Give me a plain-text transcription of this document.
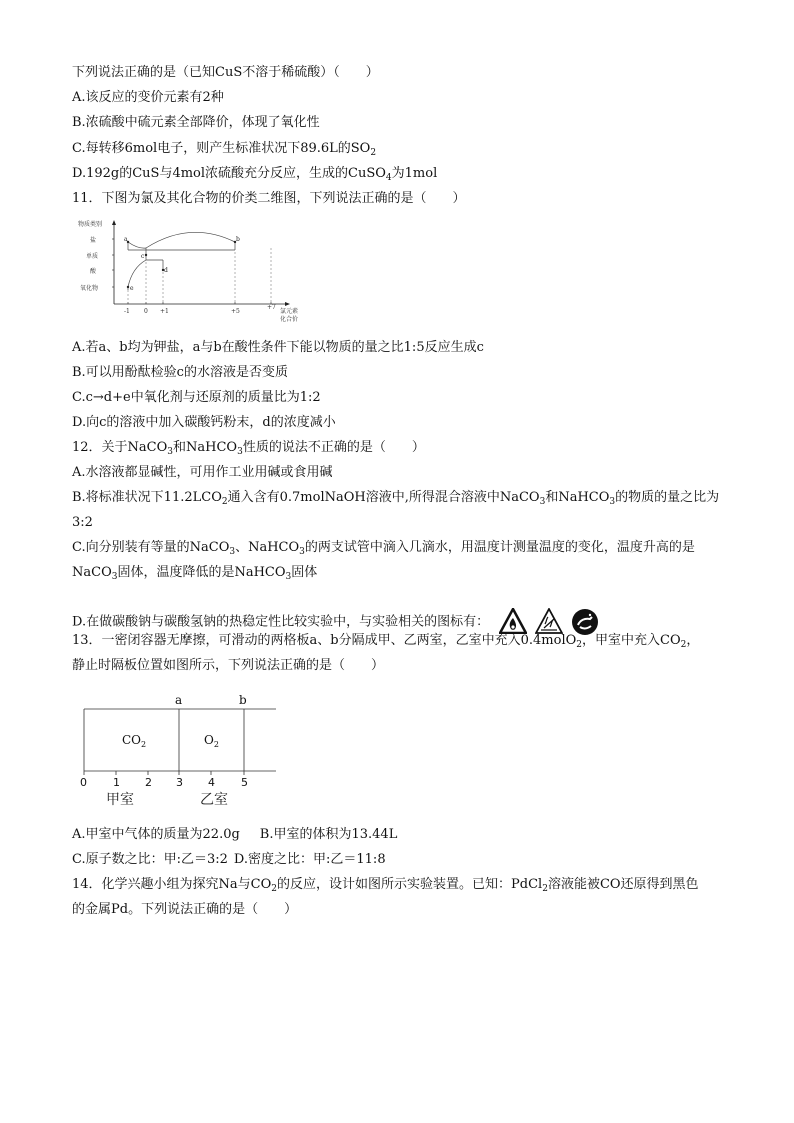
下列说法正确的是（已知CuS不溶于稀硫酸）（　　）
A.该反应的变价元素有2种
B.浓硫酸中硫元素全部降价，体现了氧化性
C.每转移6mol电子，则产生标准状况下89.6L的$SO_2$
D.192g的CuS与4mol浓硫酸充分反应，生成的CuSO$_4$为1mol
11．下图为氯及其化合物的价类二维图，下列说法正确的是（　　）
物质类别
盐
单质
酸
氧化物
氯元素
化合价
-1 0 +1	+5
+7
a	b
c
d
e
A.若a、b均为钾盐，a与b在酸性条件下能以物质的量之比1:5反应生成c
B.可以用酚酞检验c的水溶液是否变质
C.c→d+e中氧化剂与还原剂的质量比为1:2
D.向c的溶液中加入碳酸钙粉末，d的浓度减小
12．关于NaCO$_3$和NaHCO$_3$性质的说法不正确的是（　　）
A.水溶液都显碱性，可用作工业用碱或食用碱
B.将标准状况下$11.2LCO_2$通入含有0.7molNaOH溶液中,所得混合溶液中NaCO$_3$和NaHCO$_3$的物质的量之比为
3:2
C.向分别装有等量的NaCO$_3$、NaHCO$_3$的两支试管中滴入几滴水，用温度计测量温度的变化，温度升高的是
NaCO$_3$固体，温度降低的是NaHCO$_3$固体
D.在做碳酸钠与碳酸氢钠的热稳定性比较实验中，与实验相关的图标有：
13．一密闭容器无摩擦，可滑动的两格板a、b分隔成甲、乙两室，乙室中充入0.4molO$_2$，甲室中充入$CO_2$，
静止时隔板位置如图所示，下列说法正确的是（　　）
a	b
$CO_2$	$O_2$
0 1 2 3 4 5
甲室	乙室
A.甲室中气体的质量为22.0g B.甲室的体积为13.44L
C.原子数之比：甲:乙＝3:2 D.密度之比：甲:乙＝11:8
14．化学兴趣小组为探究Na与$CO_2$的反应，设计如图所示实验装置。已知：PdCl$_2$溶液能被CO还原得到黑色
的金属Pd。下列说法正确的是（　　）
